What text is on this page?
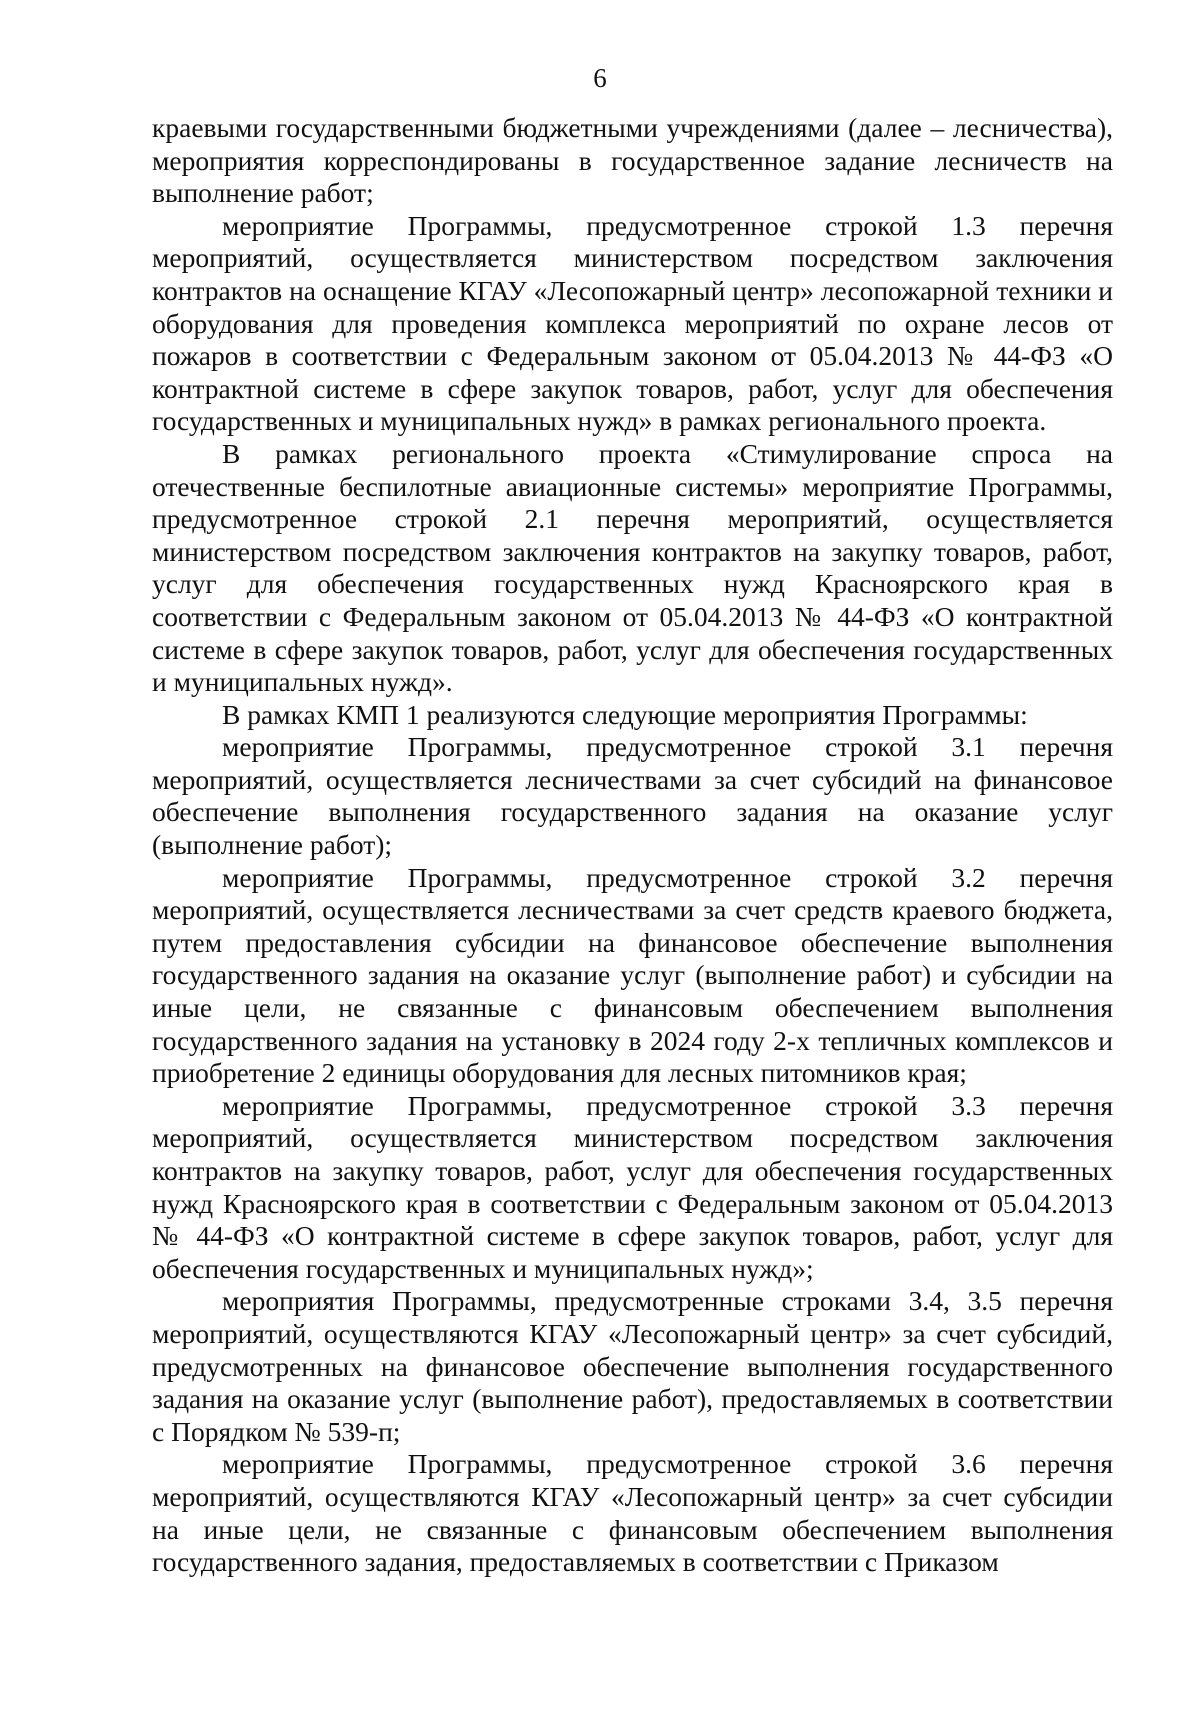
6

краевыми государственными бюджетными учреждениями (далее – лесничества), мероприятия корреспондированы в государственное задание лесничеств на выполнение работ;

мероприятие Программы, предусмотренное строкой 1.3 перечня мероприятий, осуществляется министерством посредством заключения контрактов на оснащение КГАУ «Лесопожарный центр» лесопожарной техники и оборудования для проведения комплекса мероприятий по охране лесов от пожаров в соответствии с Федеральным законом от 05.04.2013 № 44-ФЗ «О контрактной системе в сфере закупок товаров, работ, услуг для обеспечения государственных и муниципальных нужд» в рамках регионального проекта.

В рамках регионального проекта «Стимулирование спроса на отечественные беспилотные авиационные системы» мероприятие Программы, предусмотренное строкой 2.1 перечня мероприятий, осуществляется министерством посредством заключения контрактов на закупку товаров, работ, услуг для обеспечения государственных нужд Красноярского края в соответствии с Федеральным законом от 05.04.2013 № 44-ФЗ «О контрактной системе в сфере закупок товаров, работ, услуг для обеспечения государственных и муниципальных нужд».

В рамках КМП 1 реализуются следующие мероприятия Программы:

мероприятие Программы, предусмотренное строкой 3.1 перечня мероприятий, осуществляется лесничествами за счет субсидий на финансовое обеспечение выполнения государственного задания на оказание услуг (выполнение работ);

мероприятие Программы, предусмотренное строкой 3.2 перечня мероприятий, осуществляется лесничествами за счет средств краевого бюджета, путем предоставления субсидии на финансовое обеспечение выполнения государственного задания на оказание услуг (выполнение работ) и субсидии на иные цели, не связанные с финансовым обеспечением выполнения государственного задания на установку в 2024 году 2-х тепличных комплексов и приобретение 2 единицы оборудования для лесных питомников края;

мероприятие Программы, предусмотренное строкой 3.3 перечня мероприятий, осуществляется министерством посредством заключения контрактов на закупку товаров, работ, услуг для обеспечения государственных нужд Красноярского края в соответствии с Федеральным законом от 05.04.2013 № 44-ФЗ «О контрактной системе в сфере закупок товаров, работ, услуг для обеспечения государственных и муниципальных нужд»;

мероприятия Программы, предусмотренные строками 3.4, 3.5 перечня мероприятий, осуществляются КГАУ «Лесопожарный центр» за счет субсидий, предусмотренных на финансовое обеспечение выполнения государственного задания на оказание услуг (выполнение работ), предоставляемых в соответствии с Порядком № 539-п;

мероприятие Программы, предусмотренное строкой 3.6 перечня мероприятий, осуществляются КГАУ «Лесопожарный центр» за счет субсидии на иные цели, не связанные с финансовым обеспечением выполнения государственного задания, предоставляемых в соответствии с Приказом
